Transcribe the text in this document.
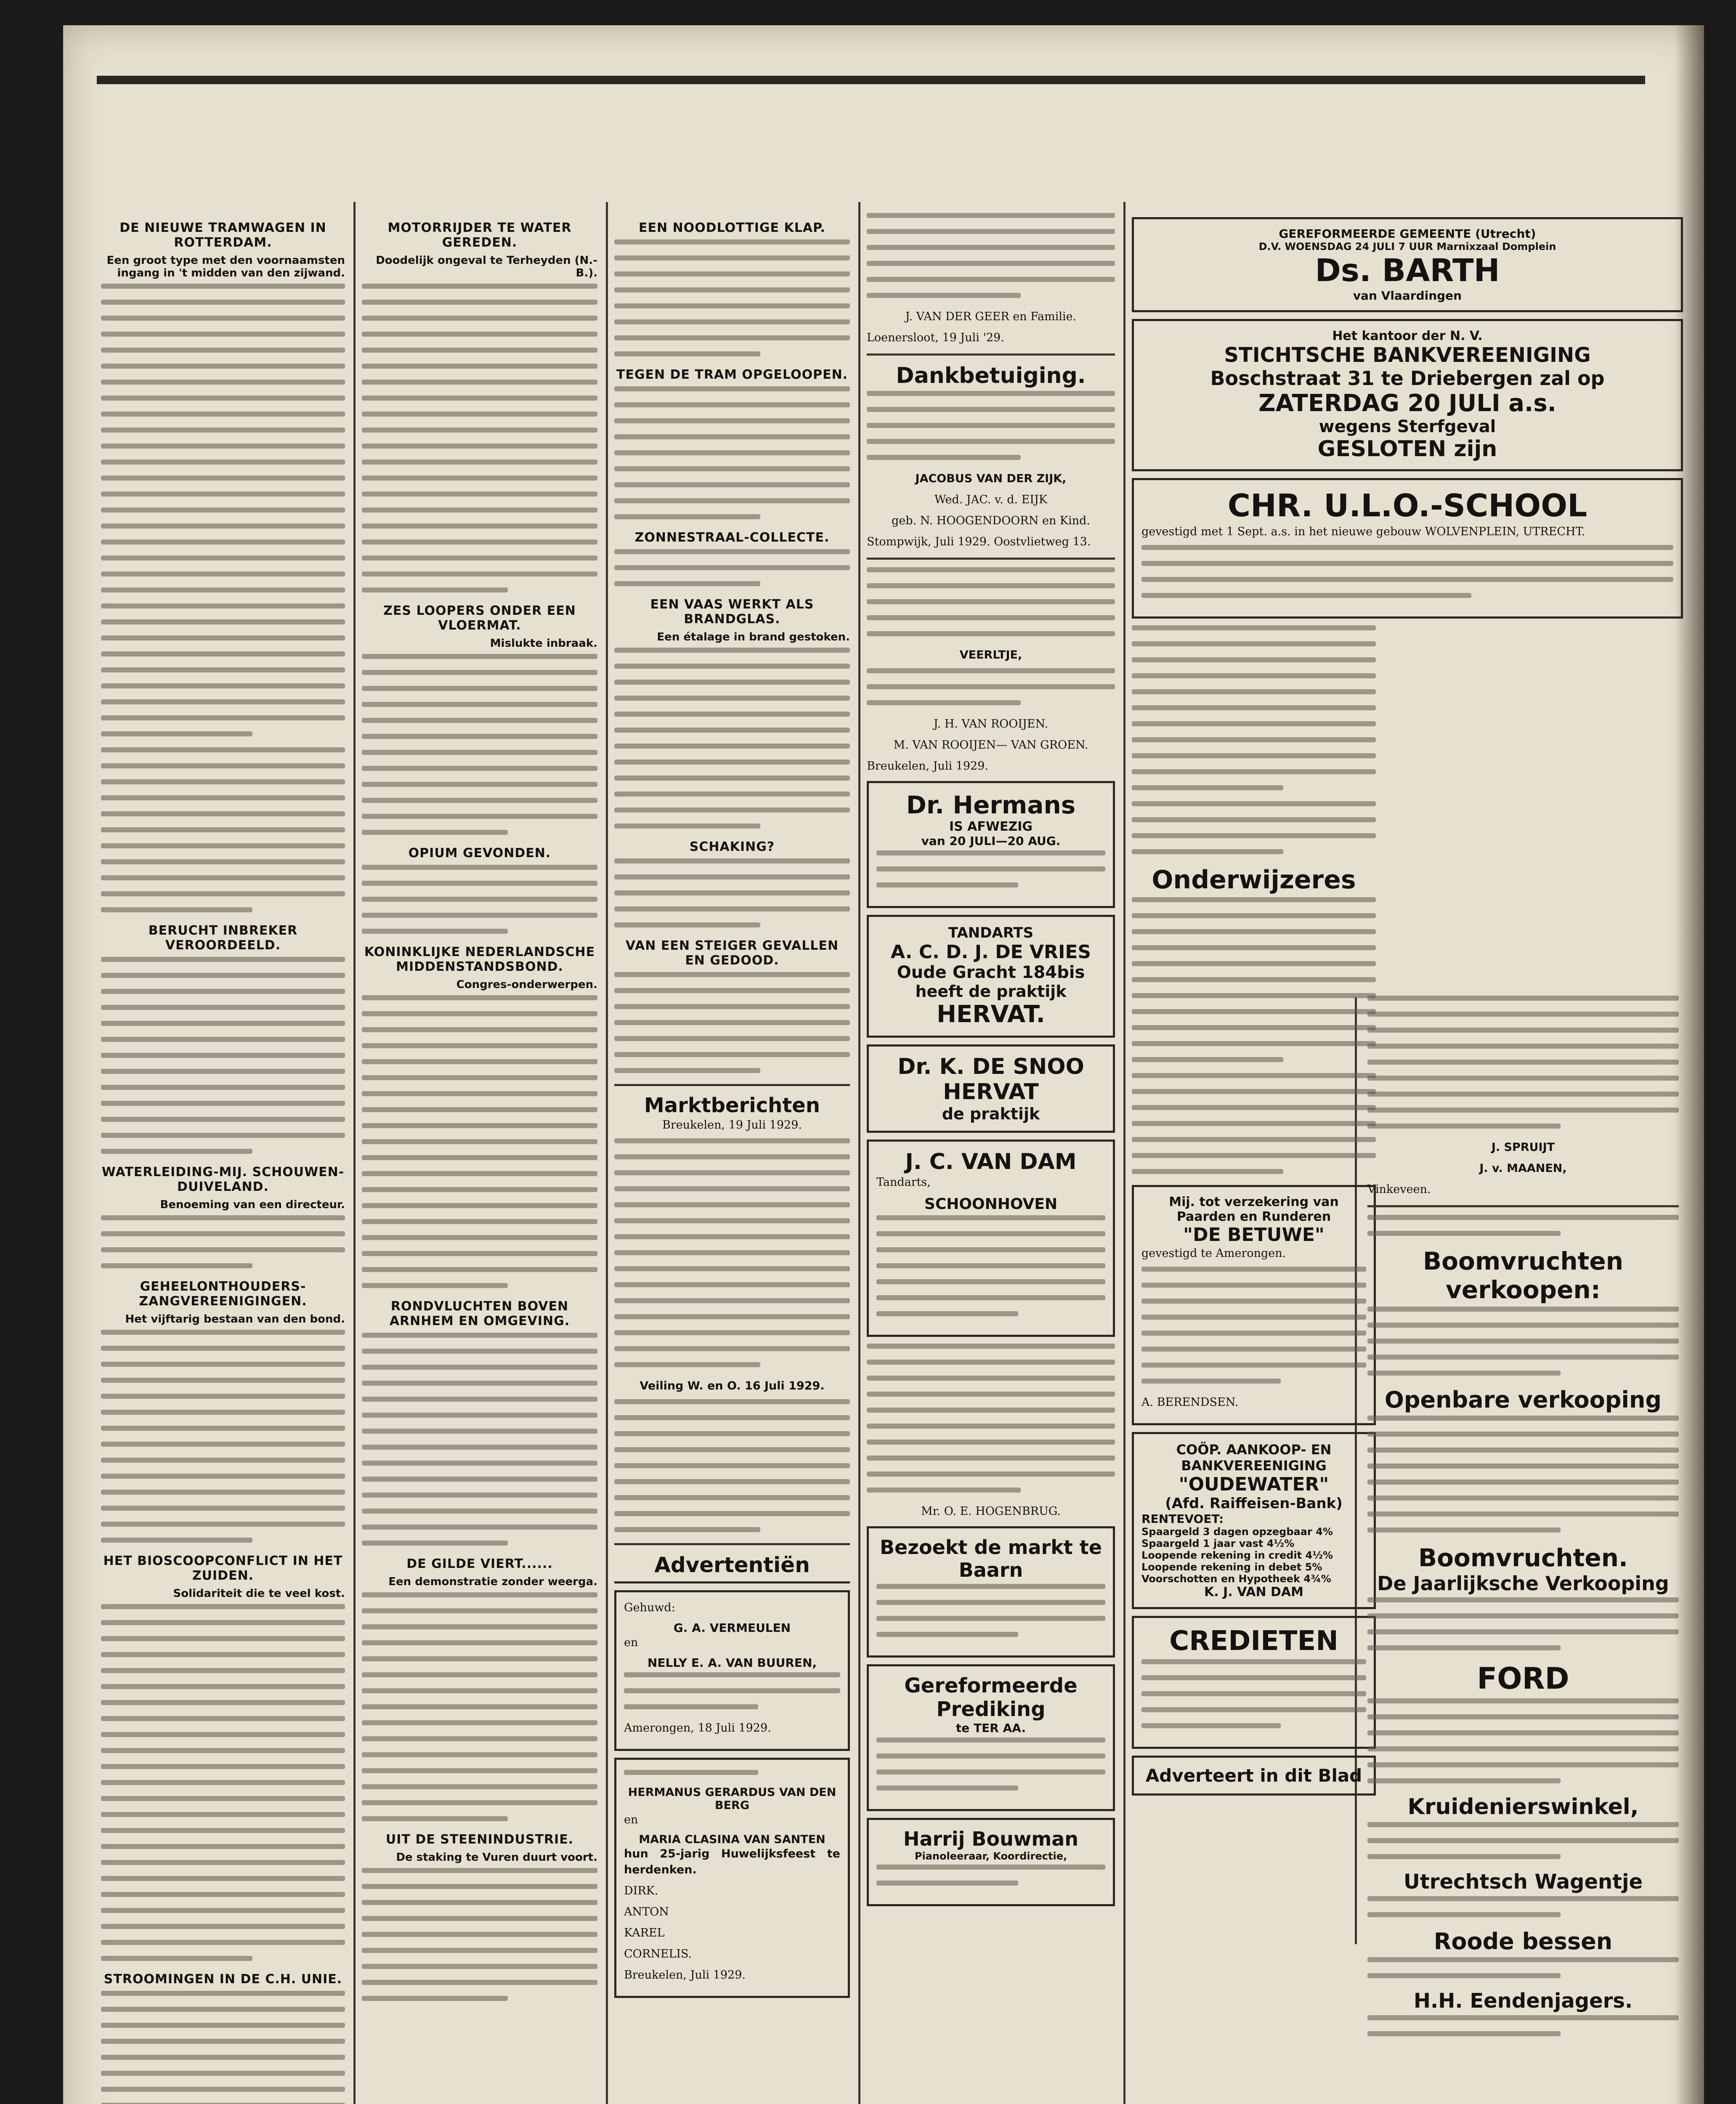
DE NIEUWE TRAMWAGEN IN ROTTERDAM.
Een groot type met den voornaamsten ingang in 't midden van den zijwand.
BERUCHT INBREKER VEROORDEELD.
WATERLEIDING-MIJ. SCHOUWEN-DUIVELAND.
Benoeming van een directeur.
GEHEELONTHOUDERS-ZANGVEREENIGINGEN.
Het vijftarig bestaan van den bond.
HET BIOSCOOPCONFLICT IN HET ZUIDEN.
Solidariteit die te veel kost.
STROOMINGEN IN DE C.H. UNIE.
MOTORRIJDER TE WATER GEREDEN.
Doodelijk ongeval te Terheyden (N.-B.).
ZES LOOPERS ONDER EEN VLOERMAT.
Mislukte inbraak.
OPIUM GEVONDEN.
KONINKLIJKE NEDERLANDSCHE MIDDENSTANDSBOND.
Congres-onderwerpen.
RONDVLUCHTEN BOVEN ARNHEM EN OMGEVING.
DE GILDE VIERT......
Een demonstratie zonder weerga.
UIT DE STEENINDUSTRIE.
De staking te Vuren duurt voort.
EEN NOODLOTTIGE KLAP.
TEGEN DE TRAM OPGELOOPEN.
ZONNESTRAAL-COLLECTE.
EEN VAAS WERKT ALS BRANDGLAS.
Een étalage in brand gestoken.
SCHAKING?
VAN EEN STEIGER GEVALLEN EN GEDOOD.
Marktberichten
Breukelen, 19 Juli 1929.
Veiling W. en O. 16 Juli 1929.
Advertentiën
Gehuwd:
G. A. VERMEULEN
en
NELLY E. A. VAN BUUREN,
Amerongen, 18 Juli 1929.
HERMANUS GERARDUS VAN DEN BERG
en
MARIA CLASINA VAN SANTEN
hun 25-jarig Huwelijksfeest te herdenken.
DIRK.
ANTON
KAREL
CORNELIS.
Breukelen, Juli 1929.
J. VAN DER GEER en Familie.
Loenersloot, 19 Juli '29.
Dankbetuiging.
JACOBUS VAN DER ZIJK,
Wed. JAC. v. d. EIJK
geb. N. HOOGENDOORN en Kind.
Stompwijk, Juli 1929. Oostvlietweg 13.
VEERLTJE,
J. H. VAN ROOIJEN.
M. VAN ROOIJEN— VAN GROEN.
Breukelen, Juli 1929.
Dr. Hermans
IS AFWEZIG
van 20 JULI—20 AUG.
TANDARTS
A. C. D. J. DE VRIES
Oude Gracht 184bis
heeft de praktijk
HERVAT.
Dr. K. DE SNOO
HERVAT
de praktijk
J. C. VAN DAM
Tandarts,
SCHOONHOVEN
Mr. O. E. HOGENBRUG.
Bezoekt de markt te Baarn
Gereformeerde Prediking
te TER AA.
Harrij Bouwman
Pianoleeraar, Koordirectie,
GEREFORMEERDE GEMEENTE (Utrecht)
D.V. WOENSDAG 24 JULI 7 UUR Marnixzaal Domplein
Ds. BARTH
van Vlaardingen
Het kantoor der N. V.
STICHTSCHE BANKVEREENIGING
Boschstraat 31 te Driebergen zal op
ZATERDAG 20 JULI a.s.
wegens Sterfgeval
GESLOTEN zijn
CHR. U.L.O.-SCHOOL
gevestigd met 1 Sept. a.s. in het nieuwe gebouw WOLVENPLEIN, UTRECHT.
Onderwijzeres
Mij. tot verzekering van Paarden en Runderen
"DE BETUWE"
gevestigd te Amerongen.
A. BERENDSEN.
COÖP. AANKOOP- EN BANKVEREENIGING
"OUDEWATER"
(Afd. Raiffeisen-Bank)
RENTEVOET:
Spaargeld 3 dagen opzegbaar 4%
Spaargeld 1 jaar vast 4½%
Loopende rekening in credit 4½%
Loopende rekening in debet 5%
Voorschotten en Hypotheek 4¾%
K. J. VAN DAM
CREDIETEN
Adverteert in dit Blad
J. SPRUIJT
J. v. MAANEN,
Vinkeveen.
Boomvruchten verkoopen:
Openbare verkooping
Boomvruchten.
De Jaarlijksche Verkooping
FORD
Kruidenierswinkel,
Utrechtsch Wagentje
Roode bessen
H.H. Eendenjagers.
